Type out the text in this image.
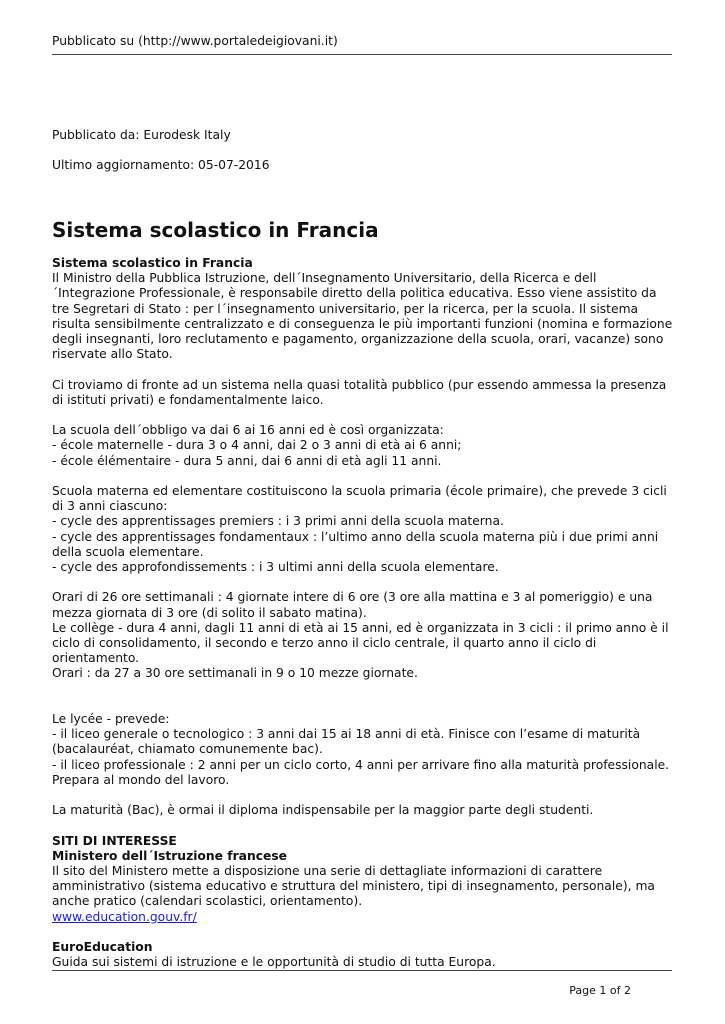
Pubblicato su (http://www.portaledeigiovani.it)
Pubblicato da: Eurodesk Italy
Ultimo aggiornamento: 05-07-2016
Sistema scolastico in Francia

Sistema scolastico in Francia

Il Ministro della Pubblica Istruzione, dell´Insegnamento Universitario, della Ricerca e dell´Integrazione Professionale, è responsabile diretto della politica educativa. Esso viene assistito da tre Segretari di Stato : per l´insegnamento universitario, per la ricerca, per la scuola. Il sistema risulta sensibilmente centralizzato e di conseguenza le più importanti funzioni (nomina e formazione degli insegnanti, loro reclutamento e pagamento, organizzazione della scuola, orari, vacanze) sono riservate allo Stato.

Ci troviamo di fronte ad un sistema nella quasi totalità pubblico (pur essendo ammessa la presenza di istituti privati) e fondamentalmente laico.

La scuola dell´obbligo va dai 6 ai 16 anni ed è così organizzata:

- école maternelle - dura 3 o 4 anni, dai 2 o 3 anni di età ai 6 anni;

- école élémentaire - dura 5 anni, dai 6 anni di età agli 11 anni.

Scuola materna ed elementare costituiscono la scuola primaria (école primaire), che prevede 3 cicli di 3 anni ciascuno:

- cycle des apprentissages premiers : i 3 primi anni della scuola materna.

- cycle des apprentissages fondamentaux : l’ultimo anno della scuola materna più i due primi anni della scuola elementare.

- cycle des approfondissements : i 3 ultimi anni della scuola elementare.

Orari di 26 ore settimanali : 4 giornate intere di 6 ore (3 ore alla mattina e 3 al pomeriggio) e una mezza giornata di 3 ore (di solito il sabato matina).

Le collège - dura 4 anni, dagli 11 anni di età ai 15 anni, ed è organizzata in 3 cicli : il primo anno è il ciclo di consolidamento, il secondo e terzo anno il ciclo centrale, il quarto anno il ciclo di orientamento.

Orari : da 27 a 30 ore settimanali in 9 o 10 mezze giornate.

Le lycée - prevede:

- il liceo generale o tecnologico : 3 anni dai 15 ai 18 anni di età. Finisce con l’esame di maturità (bacalauréat, chiamato comunemente bac).

- il liceo professionale : 2 anni per un ciclo corto, 4 anni per arrivare fino alla maturità professionale. Prepara al mondo del lavoro.

La maturità (Bac), è ormai il diploma indispensabile per la maggior parte degli studenti.

SITI DI INTERESSE

Ministero dell´Istruzione francese

Il sito del Ministero mette a disposizione una serie di dettagliate informazioni di carattere amministrativo (sistema educativo e struttura del ministero, tipi di insegnamento, personale), ma anche pratico (calendari scolastici, orientamento).

www.education.gouv.fr/

EuroEducation

Guida sui sistemi di istruzione e le opportunità di studio di tutta Europa.

Page 1 of 2
